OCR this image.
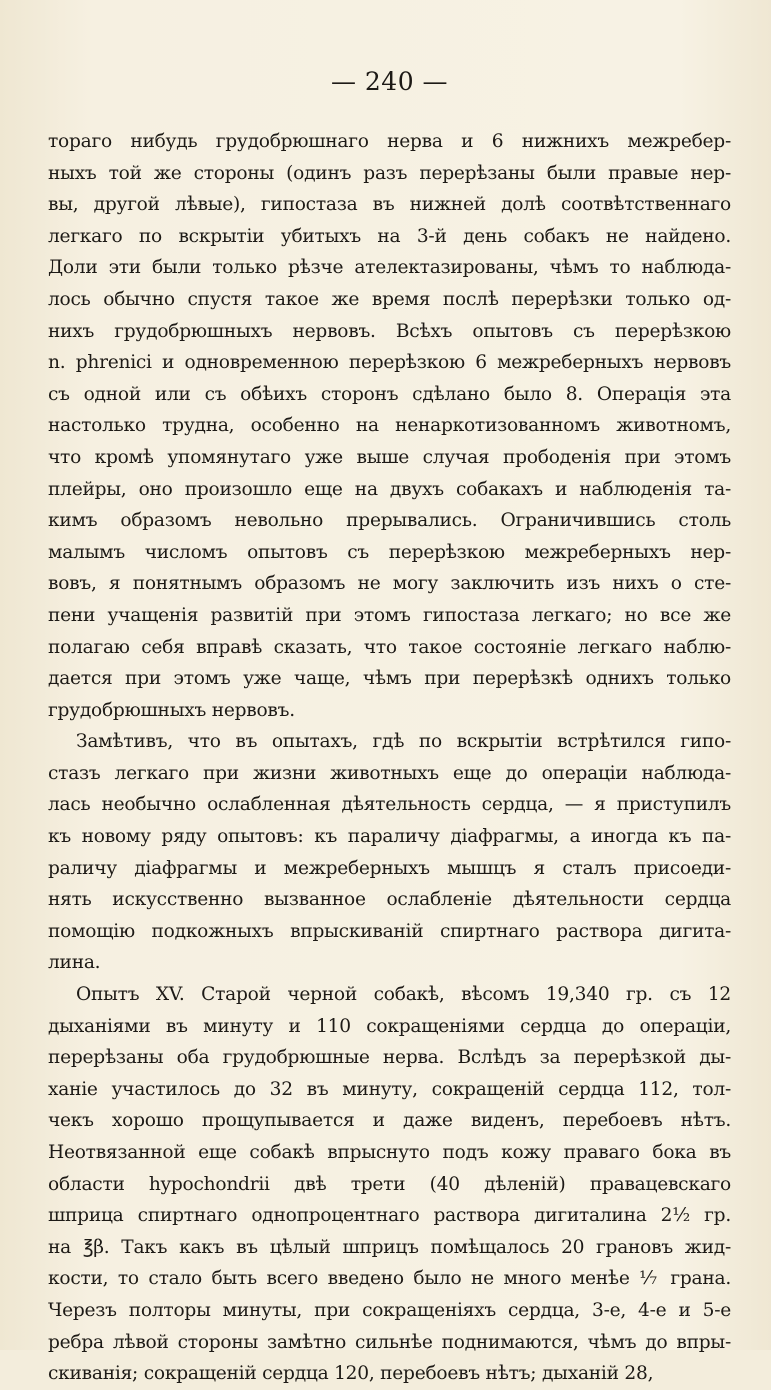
— 240 —
тораго нибудь грудобрюшнаго нерва и 6 нижнихъ межребер-
ныхъ той же стороны (одинъ разъ перерѣзаны были правые нер-
вы, другой лѣвые), гипостаза въ нижней долѣ соотвѣтственнаго
легкаго по вскрытіи убитыхъ на 3-й день собакъ не найдено.
Доли эти были только рѣзче ателектазированы, чѣмъ то наблюда-
лось обычно спустя такое же время послѣ перерѣзки только од-
нихъ грудобрюшныхъ нервовъ. Всѣхъ опытовъ съ перерѣзкою
n. phrenici и одновременною перерѣзкою 6 межреберныхъ нервовъ
съ одной или съ обѣихъ сторонъ сдѣлано было 8. Операція эта
настолько трудна, особенно на ненаркотизованномъ животномъ,
что кромѣ упомянутаго уже выше случая прободенія при этомъ
плейры, оно произошло еще на двухъ собакахъ и наблюденія та-
кимъ образомъ невольно прерывались. Ограничившись столь
малымъ числомъ опытовъ съ перерѣзкою межреберныхъ нер-
вовъ, я понятнымъ образомъ не могу заключить изъ нихъ о сте-
пени учащенія развитій при этомъ гипостаза легкаго; но все же
полагаю себя вправѣ сказать, что такое состояніе легкаго наблю-
дается при этомъ уже чаще, чѣмъ при перерѣзкѣ однихъ только
грудобрюшныхъ нервовъ.
Замѣтивъ, что въ опытахъ, гдѣ по вскрытіи встрѣтился гипо-
стазъ легкаго при жизни животныхъ еще до операціи наблюда-
лась необычно ослабленная дѣятельность сердца, — я приступилъ
къ новому ряду опытовъ: къ параличу діафрагмы, а иногда къ па-
раличу діафрагмы и межреберныхъ мышцъ я сталъ присоеди-
нять искусственно вызванное ослабленіе дѣятельности сердца
помощію подкожныхъ впрыскиваній спиртнаго раствора дигита-
лина.
Опытъ XV. Старой черной собакѣ, вѣсомъ 19,340 гр. съ 12
дыханіями въ минуту и 110 сокращеніями сердца до операціи,
перерѣзаны оба грудобрюшные нерва. Вслѣдъ за перерѣзкой ды-
ханіе участилось до 32 въ минуту, сокращеній сердца 112, тол-
чекъ хорошо прощупывается и даже виденъ, перебоевъ нѣтъ.
Неотвязанной еще собакѣ впрыснуто подъ кожу праваго бока въ
области hypochondrii двѣ трети (40 дѣленій) правацевскаго
шприца спиртнаго однопроцентнаго раствора дигиталина 2½ гр.
на ℥β. Такъ какъ въ цѣлый шприцъ помѣщалось 20 грановъ жид-
кости, то стало быть всего введено было не много менѣе ⅐ грана.
Черезъ полторы минуты, при сокращеніяхъ сердца, 3-е, 4-е и 5-е
ребра лѣвой стороны замѣтно сильнѣе поднимаются, чѣмъ до впры-
скиванія; сокращеній сердца 120, перебоевъ нѣтъ; дыханій 28,
